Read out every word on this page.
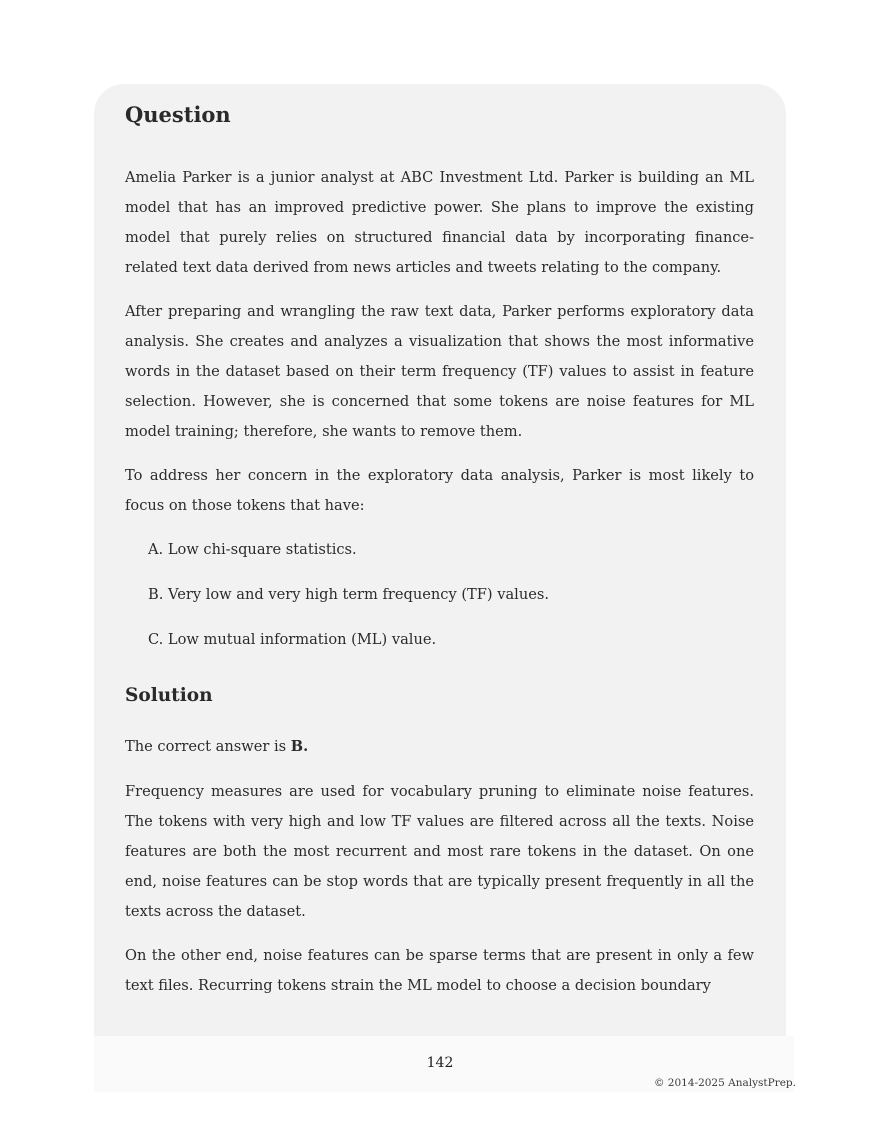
Question

Amelia Parker is a junior analyst at ABC Investment Ltd. Parker is building an ML model that has an improved predictive power. She plans to improve the existing model that purely relies on structured financial data by incorporating finance-related text data derived from news articles and tweets relating to the company.

After preparing and wrangling the raw text data, Parker performs exploratory data analysis. She creates and analyzes a visualization that shows the most informative words in the dataset based on their term frequency (TF) values to assist in feature selection. However, she is concerned that some tokens are noise features for ML model training; therefore, she wants to remove them.

To address her concern in the exploratory data analysis, Parker is most likely to focus on those tokens that have:

A. Low chi-square statistics.

B. Very low and very high term frequency (TF) values.

C. Low mutual information (ML) value.

Solution

The correct answer is B.

Frequency measures are used for vocabulary pruning to eliminate noise features. The tokens with very high and low TF values are filtered across all the texts. Noise features are both the most recurrent and most rare tokens in the dataset. On one end, noise features can be stop words that are typically present frequently in all the texts across the dataset.

On the other end, noise features can be sparse terms that are present in only a few text files. Recurring tokens strain the ML model to choose a decision boundary

142
© 2014-2025 AnalystPrep.
